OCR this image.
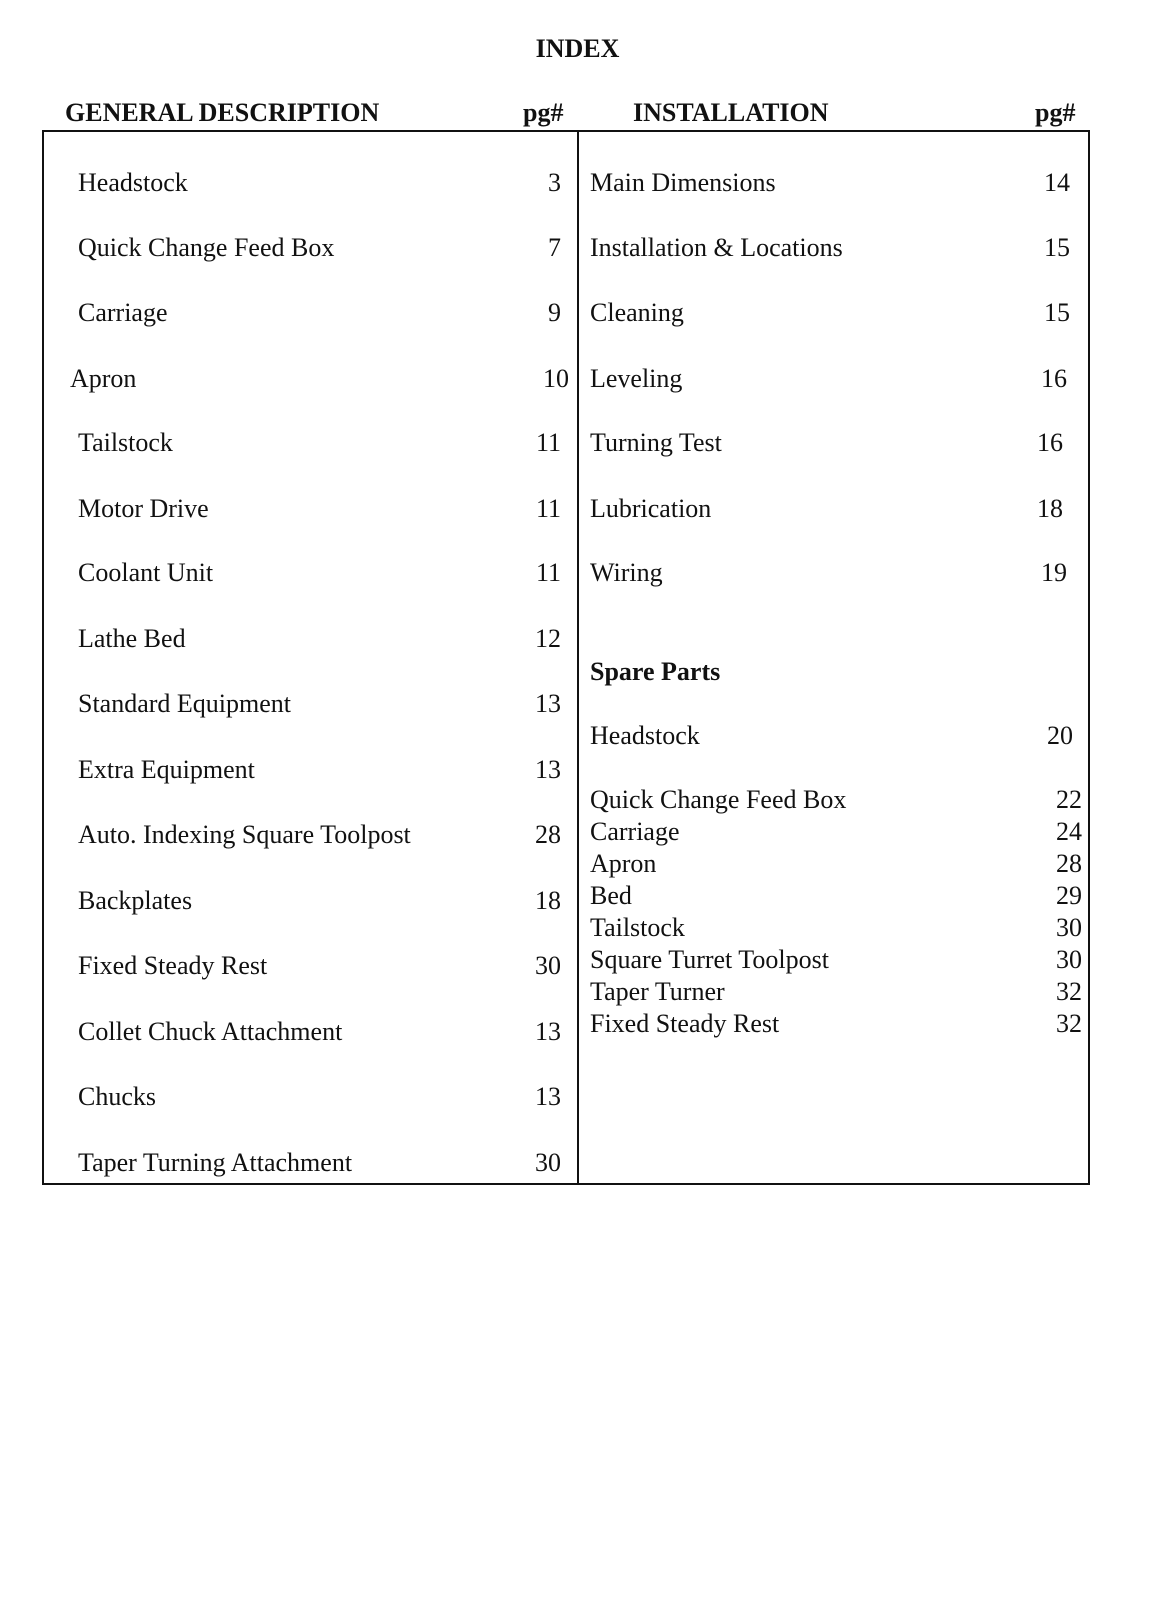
INDEX
GENERAL DESCRIPTION	pg#	INSTALLATION	pg#
Headstock	3
Quick Change Feed Box	7
Carriage	9
Apron	10
Tailstock	11
Motor Drive	11
Coolant Unit	11
Lathe Bed	12
Standard Equipment	13
Extra Equipment	13
Auto. Indexing Square Toolpost	28
Backplates	18
Fixed Steady Rest	30
Collet Chuck Attachment	13
Chucks	13
Taper Turning Attachment	30
Main Dimensions	14
Installation & Locations	15
Cleaning	15
Leveling	16
Turning Test	16
Lubrication	18
Wiring	19
Spare Parts
Headstock	20
Quick Change Feed Box	22
Carriage	24
Apron	28
Bed	29
Tailstock	30
Square Turret Toolpost	30
Taper Turner	32
Fixed Steady Rest	32
